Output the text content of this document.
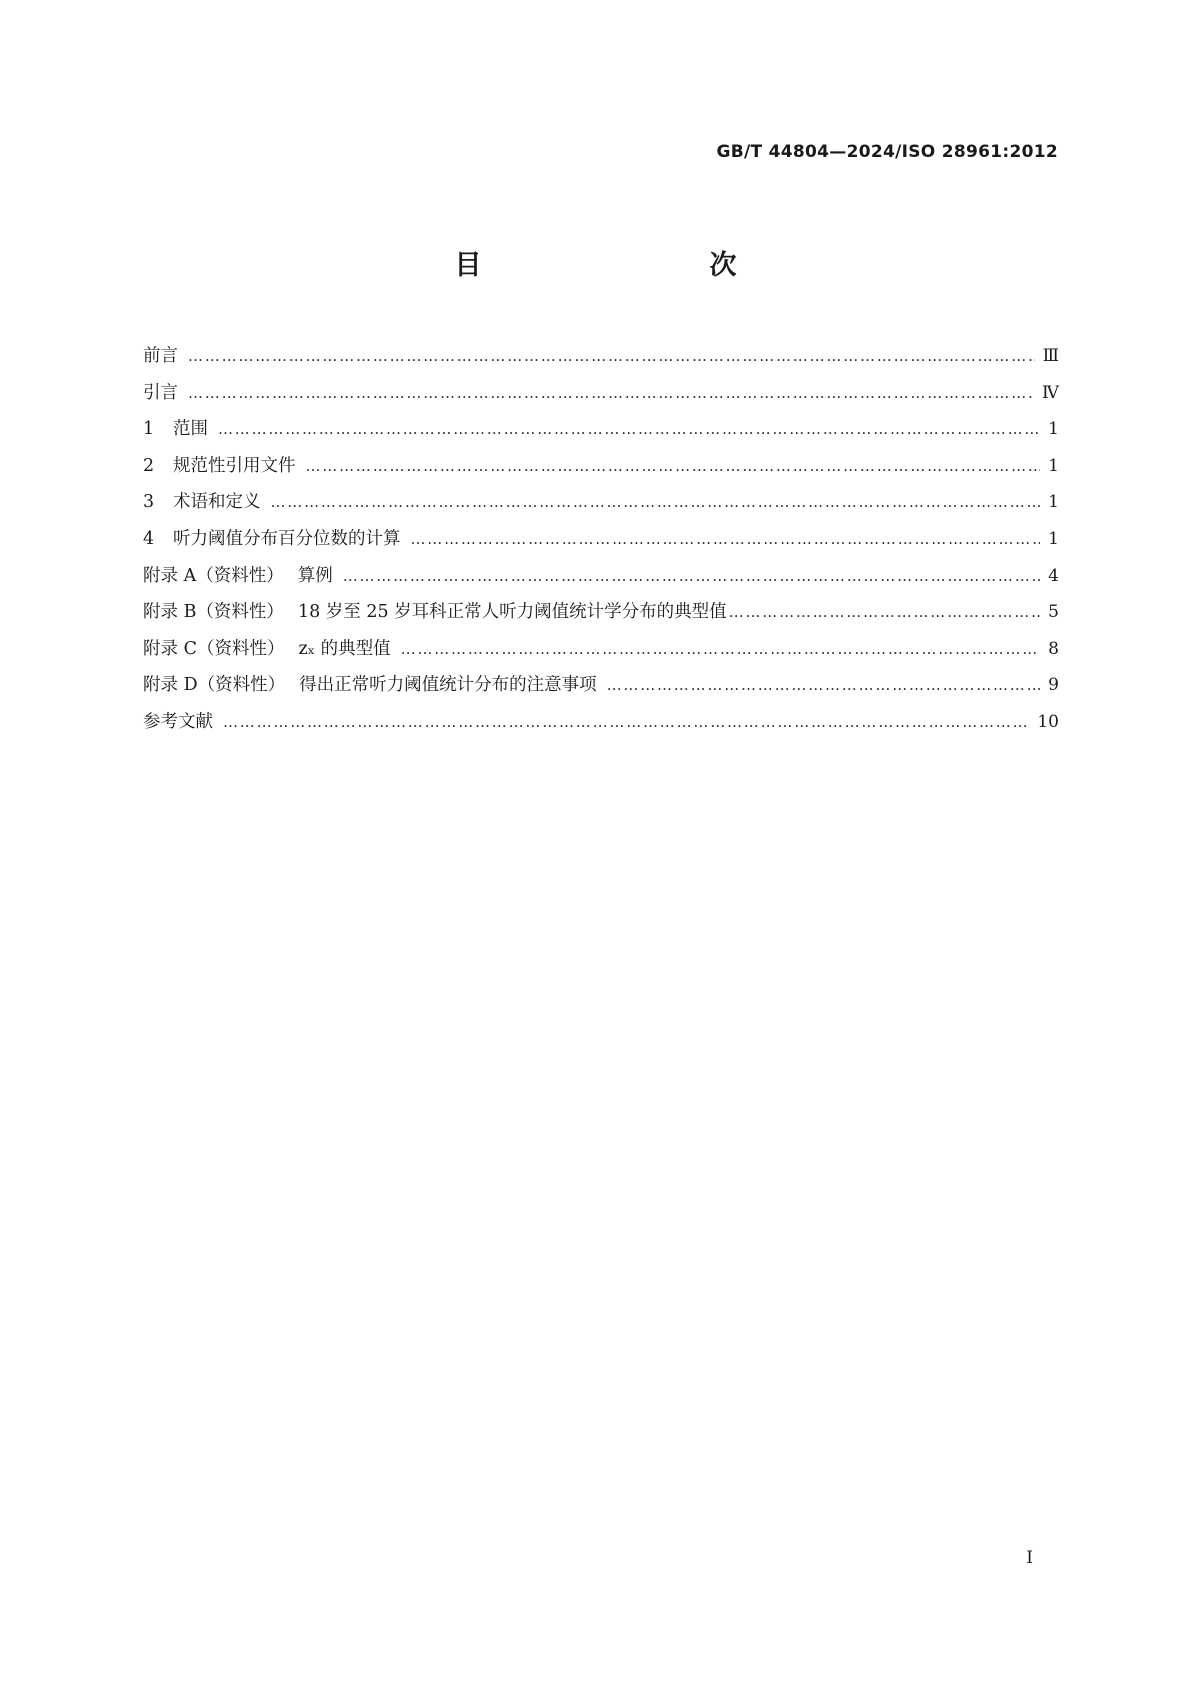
GB/T 44804—2024/ISO 28961:2012
目　　次
前言 ……………………………………………………………………………………………………………………………………………………………………………………………………………………………	Ⅲ
引言 ……………………………………………………………………………………………………………………………………………………………………………………………………………………………	Ⅳ
1	范围 ……………………………………………………………………………………………………………………………………………………………………………………………………………………………	1
2	规范性引用文件 ……………………………………………………………………………………………………………………………………………………………………………………………………………………………	1
3	术语和定义 ……………………………………………………………………………………………………………………………………………………………………………………………………………………………	1
4	听力阈值分布百分位数的计算 ……………………………………………………………………………………………………………………………………………………………………………………………………………………………	1
附录 A（资料性） 算例 ……………………………………………………………………………………………………………………………………………………………………………………………………………………………	4
附录 B（资料性） 18 岁至 25 岁耳科正常人听力阈值统计学分布的典型值 ……………………………………………………………………………………………………………………………………………………………………………………………………………………………	5
附录 C（资料性） zₓ 的典型值 ……………………………………………………………………………………………………………………………………………………………………………………………………………………………	8
附录 D（资料性） 得出正常听力阈值统计分布的注意事项 ……………………………………………………………………………………………………………………………………………………………………………………………………………………………	9
参考文献 ……………………………………………………………………………………………………………………………………………………………………………………………………………………………	10
Ⅰ
